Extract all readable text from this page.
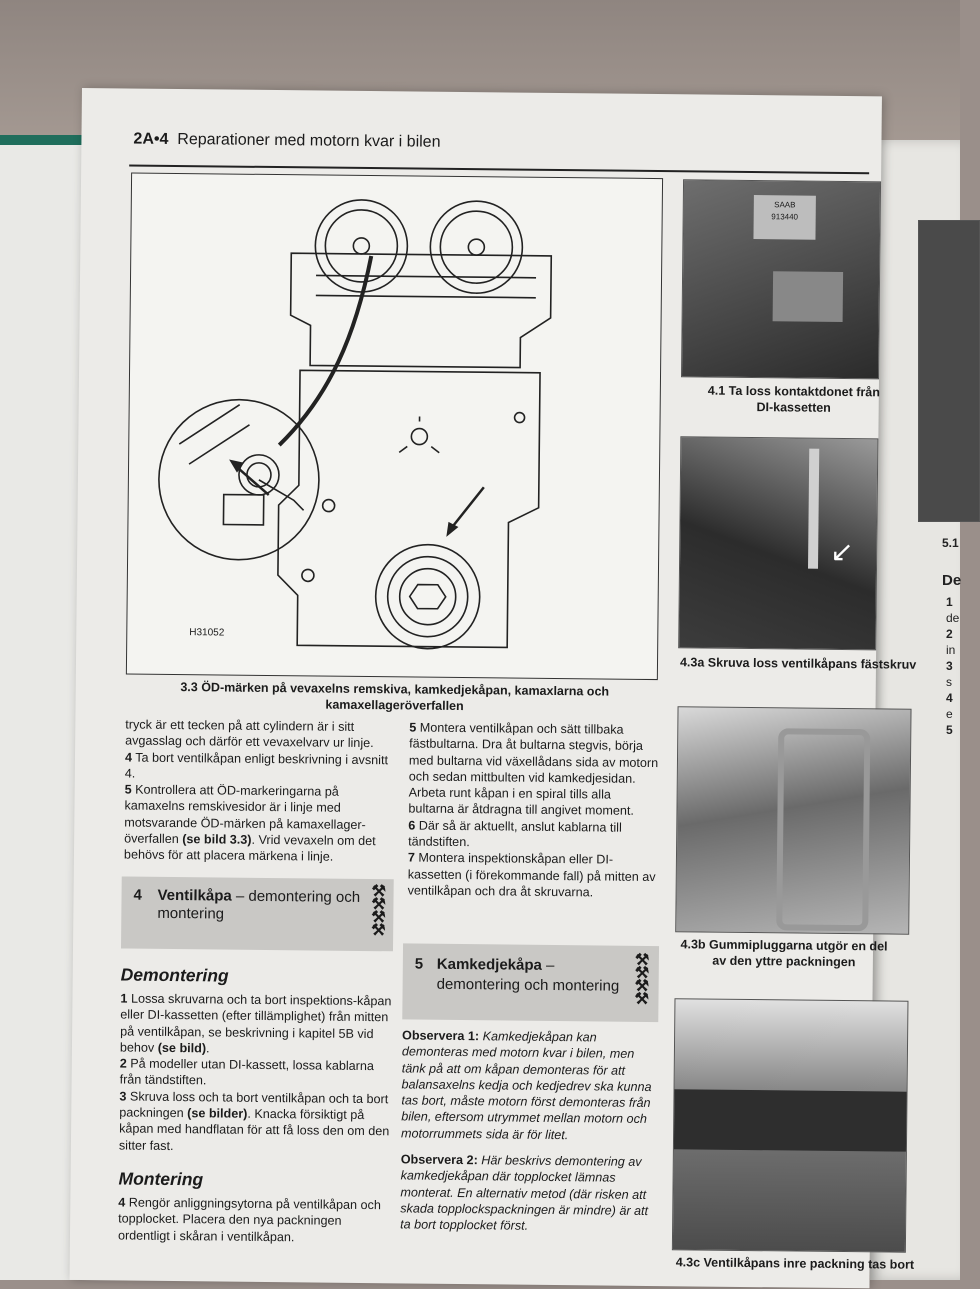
5.1
De
1
de
2
in
3
s
4
e
5
2A•4 Reparationer med motorn kvar i bilen
H31052
3.3 ÖD-märken på vevaxelns remskiva, kamkedjekåpan, kamaxlarna och
kamaxellageröverfallen

tryck är ett tecken på att cylindern är i sitt avgasslag och därför ett vevaxelvarv ur linje.

4 Ta bort ventilkåpan enligt beskrivning i avsnitt 4.

5 Kontrollera att ÖD-markeringarna på kamaxelns remskivesidor är i linje med motsvarande ÖD-märken på kamaxellager-överfallen (se bild 3.3). Vrid vevaxeln om det behövs för att placera märkena i linje.

4 Ventilkåpa – demontering och
montering
⚒
⚒
⚒
⚒
Demontering

1 Lossa skruvarna och ta bort inspektions-kåpan eller DI-kassetten (efter tillämplighet) från mitten på ventilkåpan, se beskrivning i kapitel 5B vid behov (se bild).

2 På modeller utan DI-kassett, lossa kablarna från tändstiften.

3 Skruva loss och ta bort ventilkåpan och ta bort packningen (se bilder). Knacka försiktigt på kåpan med handflatan för att få loss den om den sitter fast.

Montering

4 Rengör anliggningsytorna på ventilkåpan och topplocket. Placera den nya packningen ordentligt i skåran i ventilkåpan.

5 Montera ventilkåpan och sätt tillbaka fästbultarna. Dra åt bultarna stegvis, börja med bultarna vid växellådans sida av motorn och sedan mittbulten vid kamkedjesidan. Arbeta runt kåpan i en spiral tills alla bultarna är åtdragna till angivet moment.

6 Där så är aktuellt, anslut kablarna till tändstiften.

7 Montera inspektionskåpan eller DI-kassetten (i förekommande fall) på mitten av ventilkåpan och dra åt skruvarna.

5 Kamkedjekåpa –
demontering och montering
⚒
⚒
⚒
⚒

Observera 1: Kamkedjekåpan kan demonteras med motorn kvar i bilen, men tänk på att om kåpan demonteras för att balansaxelns kedja och kedjedrev ska kunna tas bort, måste motorn först demonteras från bilen, eftersom utrymmet mellan motorn och motorrummets sida är för litet.

Observera 2: Här beskrivs demontering av kamkedjekåpan där topplocket lämnas monterat. En alternativ metod (där risken att skada topplockspackningen är mindre) är att ta bort topplocket först.

SAAB
913440
4.1 Ta loss kontaktdonet från DI-kassetten
↙
4.3a Skruva loss ventilkåpans fästskruv
4.3b Gummipluggarna utgör en del av den yttre packningen
4.3c Ventilkåpans inre packning tas bort
